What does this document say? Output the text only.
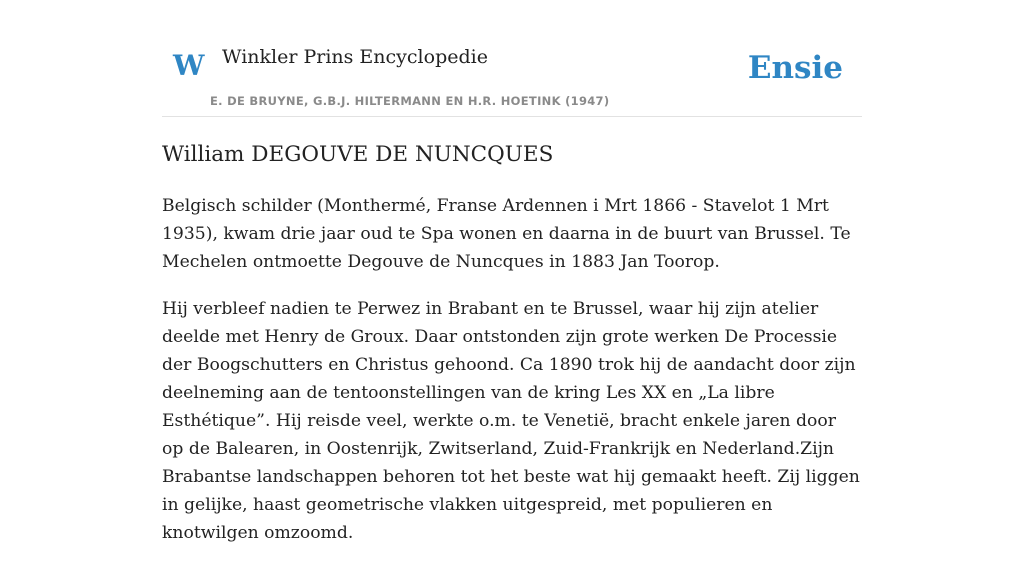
W Winkler Prins Encyclopedie
E. DE BRUYNE, G.B.J. HILTERMANN EN H.R. HOETINK (1947)
Ensie
William DEGOUVE DE NUNCQUES

Belgisch schilder (Monthermé, Franse Ardennen i Mrt 1866 - Stavelot 1 Mrt 1935), kwam drie jaar oud te Spa wonen en daarna in de buurt van Brussel. Te Mechelen ontmoette Degouve de Nuncques in 1883 Jan Toorop.

Hij verbleef nadien te Perwez in Brabant en te Brussel, waar hij zijn atelier deelde met Henry de Groux. Daar ontstonden zijn grote werken De Processie der Boogschutters en Christus gehoond. Ca 1890 trok hij de aandacht door zijn deelneming aan de tentoonstellingen van de kring Les XX en „La libre Esthétique”. Hij reisde veel, werkte o.m. te Venetië, bracht enkele jaren door op de Balearen, in Oostenrijk, Zwitserland, Zuid-Frankrijk en Nederland.Zijn Brabantse landschappen behoren tot het beste wat hij gemaakt heeft. Zij liggen in gelijke, haast geometrische vlakken uitgespreid, met populieren en knotwilgen omzoomd.
